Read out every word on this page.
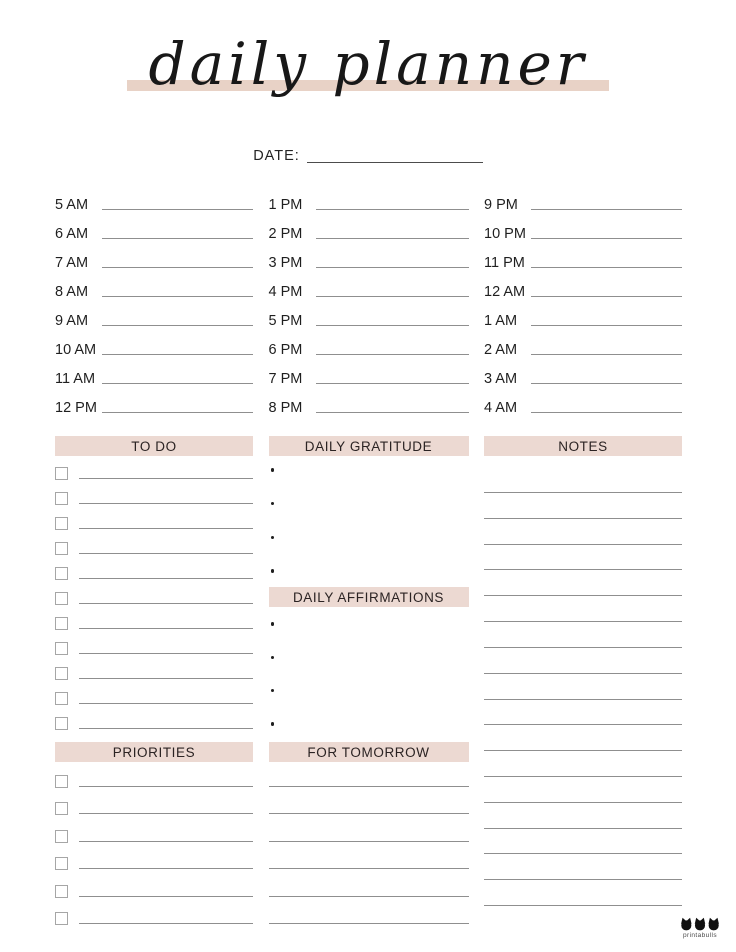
daily planner
DATE:
5 AM
6 AM
7 AM
8 AM
9 AM
10 AM
11 AM
12 PM
1 PM
2 PM
3 PM
4 PM
5 PM
6 PM
7 PM
8 PM
9 PM
10 PM
11 PM
12 AM
1 AM
2 AM
3 AM
4 AM
TO DO
PRIORITIES
DAILY GRATITUDE
DAILY AFFIRMATIONS
FOR TOMORROW
NOTES
printabulls
